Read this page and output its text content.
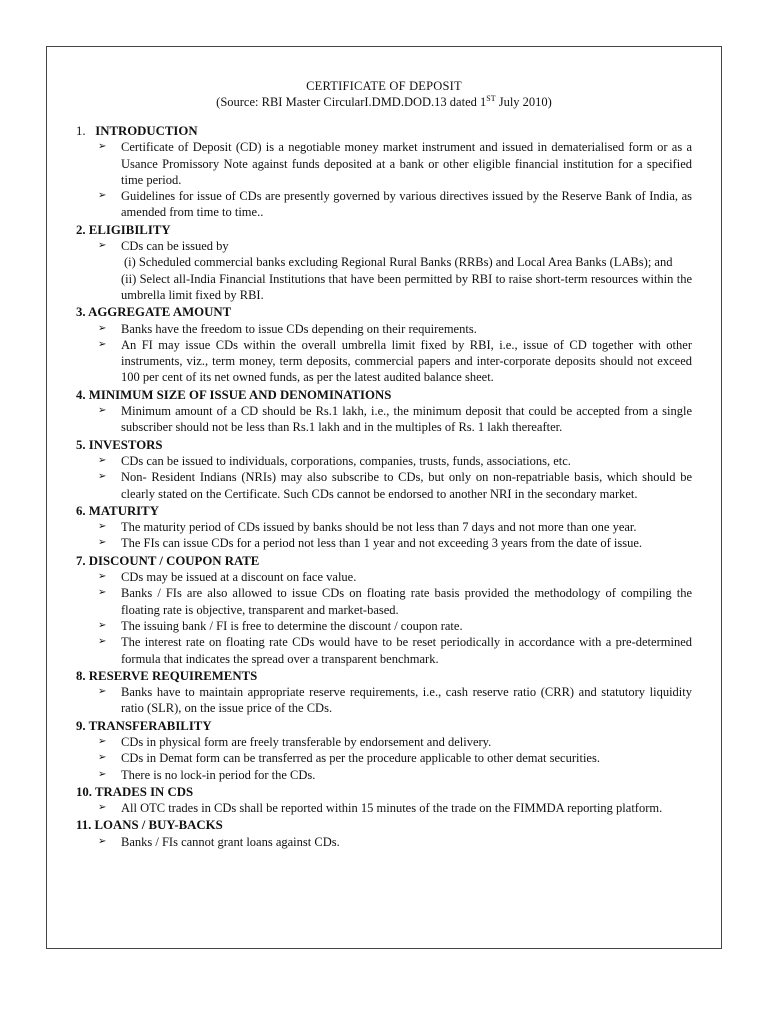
CERTIFICATE OF DEPOSIT
(Source: RBI Master CircularI.DMD.DOD.13 dated 1ST July 2010)
1. INTRODUCTION
➢ Certificate of Deposit (CD) is a negotiable money market instrument and issued in dematerialised form or as a Usance Promissory Note against funds deposited at a bank or other eligible financial institution for a specified time period.
➢ Guidelines for issue of CDs are presently governed by various directives issued by the Reserve Bank of India, as amended from time to time..
2. ELIGIBILITY
➢ CDs can be issued by
(i) Scheduled commercial banks excluding Regional Rural Banks (RRBs) and Local Area Banks (LABs); and
(ii) Select all-India Financial Institutions that have been permitted by RBI to raise short-term resources within the umbrella limit fixed by RBI.
3. AGGREGATE AMOUNT
➢ Banks have the freedom to issue CDs depending on their requirements.
➢ An FI may issue CDs within the overall umbrella limit fixed by RBI, i.e., issue of CD together with other instruments, viz., term money, term deposits, commercial papers and inter-corporate deposits should not exceed 100 per cent of its net owned funds, as per the latest audited balance sheet.
4. MINIMUM SIZE OF ISSUE AND DENOMINATIONS
➢ Minimum amount of a CD should be Rs.1 lakh, i.e., the minimum deposit that could be accepted from a single subscriber should not be less than Rs.1 lakh and in the multiples of Rs. 1 lakh thereafter.
5. INVESTORS
➢ CDs can be issued to individuals, corporations, companies, trusts, funds, associations, etc.
➢ Non- Resident Indians (NRIs) may also subscribe to CDs, but only on non-repatriable basis, which should be clearly stated on the Certificate. Such CDs cannot be endorsed to another NRI in the secondary market.
6. MATURITY
➢ The maturity period of CDs issued by banks should be not less than 7 days and not more than one year.
➢ The FIs can issue CDs for a period not less than 1 year and not exceeding 3 years from the date of issue.
7. DISCOUNT / COUPON RATE
➢ CDs may be issued at a discount on face value.
➢ Banks / FIs are also allowed to issue CDs on floating rate basis provided the methodology of compiling the floating rate is objective, transparent and market-based.
➢ The issuing bank / FI is free to determine the discount / coupon rate.
➢ The interest rate on floating rate CDs would have to be reset periodically in accordance with a pre-determined formula that indicates the spread over a transparent benchmark.
8. RESERVE REQUIREMENTS
➢ Banks have to maintain appropriate reserve requirements, i.e., cash reserve ratio (CRR) and statutory liquidity ratio (SLR), on the issue price of the CDs.
9. TRANSFERABILITY
➢ CDs in physical form are freely transferable by endorsement and delivery.
➢ CDs in Demat form can be transferred as per the procedure applicable to other demat securities.
➢ There is no lock-in period for the CDs.
10. TRADES IN CDS
➢ All OTC trades in CDs shall be reported within 15 minutes of the trade on the FIMMDA reporting platform.
11. LOANS / BUY-BACKS
➢ Banks / FIs cannot grant loans against CDs.
